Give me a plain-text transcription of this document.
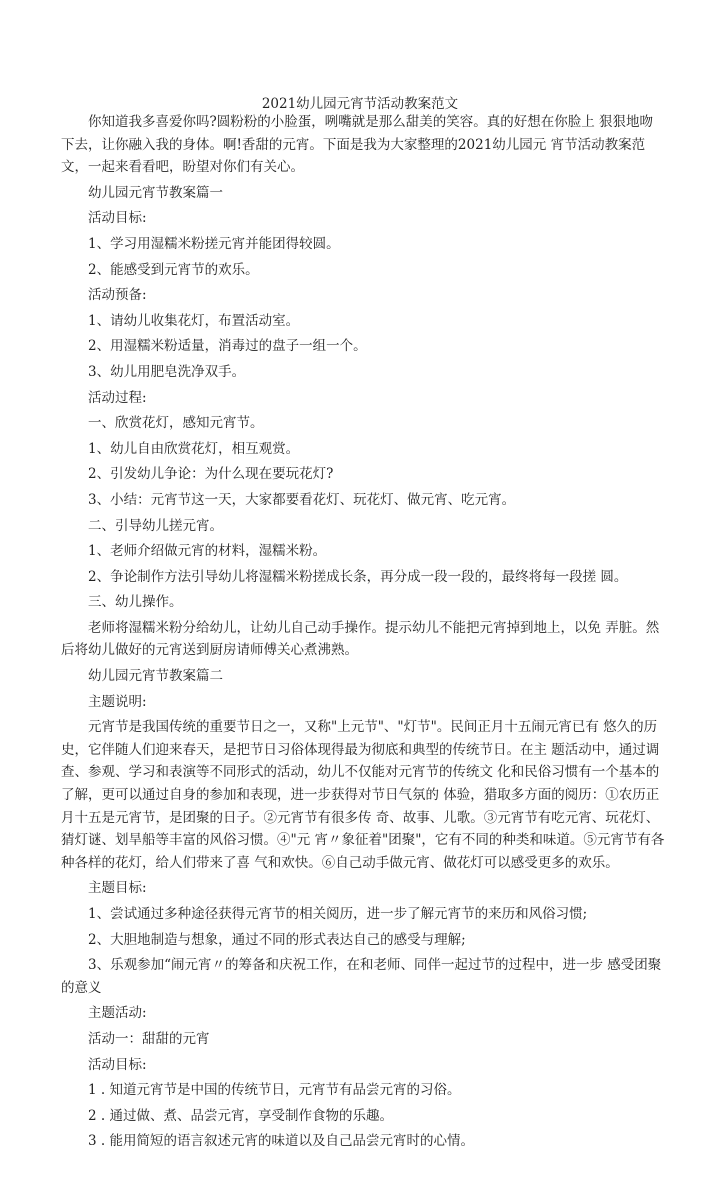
2021幼儿园元宵节活动教案范文

你知道我多喜爱你吗?圆粉粉的小脸蛋，咧嘴就是那么甜美的笑容。真的好想在你脸上 狠狠地吻下去，让你融入我的身体。啊!香甜的元宵。下面是我为大家整理的2021幼儿园元 宵节活动教案范文，一起来看看吧，盼望对你们有关心。

幼儿园元宵节教案篇一

活动目标:

1、学习用湿糯米粉搓元宵并能团得较圆。

2、能感受到元宵节的欢乐。

活动预备:

1、请幼儿收集花灯，布置活动室。

2、用湿糯米粉适量，消毒过的盘子一组一个。

3、幼儿用肥皂洗净双手。

活动过程:

一、欣赏花灯，感知元宵节。

1、幼儿自由欣赏花灯，相互观赏。

2、引发幼儿争论：为什么现在要玩花灯?

3、小结：元宵节这一天，大家都要看花灯、玩花灯、做元宵、吃元宵。

二、引导幼儿搓元宵。

1、老师介绍做元宵的材料，湿糯米粉。

2、争论制作方法引导幼儿将湿糯米粉搓成长条，再分成一段一段的，最终将每一段搓 圆。

三、幼儿操作。

老师将湿糯米粉分给幼儿，让幼儿自己动手操作。提示幼儿不能把元宵掉到地上，以免 弄脏。然后将幼儿做好的元宵送到厨房请师傅关心煮沸熟。

幼儿园元宵节教案篇二

主题说明:

元宵节是我国传统的重要节日之一，又称"上元节"、"灯节"。民间正月十五闹元宵已有 悠久的历史，它伴随人们迎来春天，是把节日习俗体现得最为彻底和典型的传统节日。在主 题活动中，通过调查、参观、学习和表演等不同形式的活动，幼儿不仅能对元宵节的传统文 化和民俗习惯有一个基本的了解，更可以通过自身的参加和表现，进一步获得对节日气氛的 体验，猎取多方面的阅历：①农历正月十五是元宵节，是团聚的日子。②元宵节有很多传 奇、故事、儿歌。③元宵节有吃元宵、玩花灯、猜灯谜、划旱船等丰富的风俗习惯。④"元 宵〃象征着"团聚"，它有不同的种类和味道。⑤元宵节有各种各样的花灯，给人们带来了喜 气和欢快。⑥自己动手做元宵、做花灯可以感受更多的欢乐。

主题目标:

1、尝试通过多种途径获得元宵节的相关阅历，进一步了解元宵节的来历和风俗习惯;

2、大胆地制造与想象，通过不同的形式表达自己的感受与理解;

3、乐观参加“闹元宵〃的筹备和庆祝工作，在和老师、同伴一起过节的过程中，进一步 感受团聚的意义

主题活动:

活动一：甜甜的元宵

活动目标:

1 . 知道元宵节是中国的传统节日，元宵节有品尝元宵的习俗。

2 . 通过做、煮、品尝元宵，享受制作食物的乐趣。

3 . 能用简短的语言叙述元宵的味道以及自己品尝元宵时的心情。
